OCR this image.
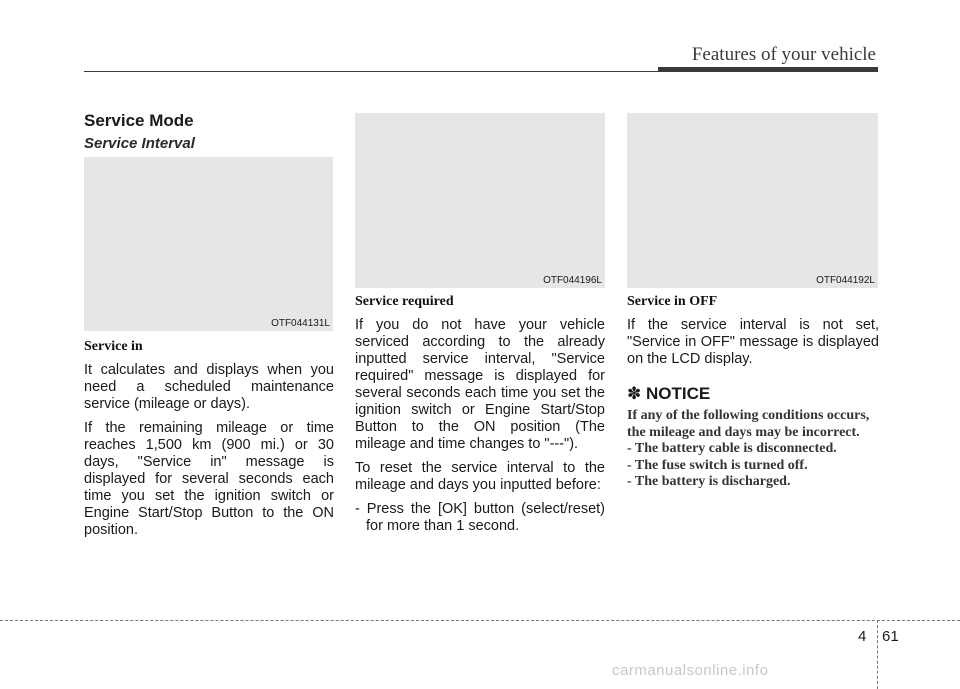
Features of your vehicle
Service Mode
Service Interval
OTF044131L
Service in

It calculates and displays when you need a scheduled maintenance service (mileage or days).

If the remaining mileage or time reaches 1,500 km (900 mi.) or 30 days, "Service in" message is displayed for several seconds each time you set the ignition switch or Engine Start/Stop Button to the ON position.

OTF044196L
Service required

If you do not have your vehicle serviced according to the already inputted service interval, "Service required" message is displayed for several seconds each time you set the ignition switch or Engine Start/Stop Button to the ON position (The mileage and time changes to "---").

To reset the service interval to the mileage and days you inputted before:

- Press the [OK] button (select/reset) for more than 1 second.

OTF044192L
Service in OFF

If the service interval is not set, "Service in OFF" message is displayed on the LCD display.

✽ NOTICE
If any of the following conditions occurs, the mileage and days may be incorrect.
- The battery cable is disconnected.
- The fuse switch is turned off.
- The battery is discharged.
4 61
carmanualsonline.info
